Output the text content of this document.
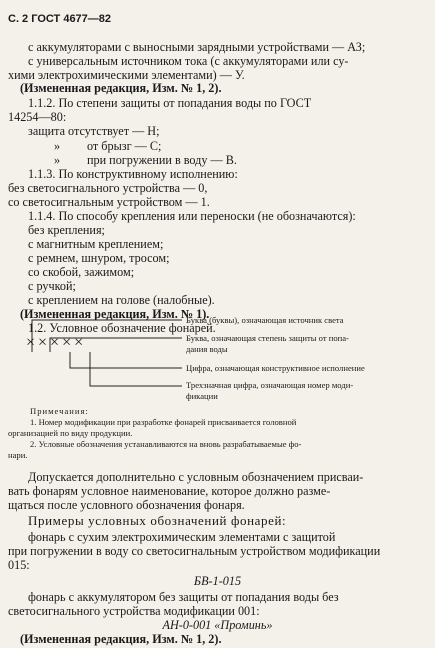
С. 2 ГОСТ 4677—82
с аккумуляторами с выносными зарядными устройствами — АЗ;
с универсальным источником тока (с аккумуляторами или су-
хими электрохимическими элементами) — У.
(Измененная редакция, Изм. № 1, 2).
1.1.2. По степени защиты от попадания воды по ГОСТ
14254—80:
защита отсутствует — Н;
» от брызг — С;
» при погружении в воду — В.
1.1.3. По конструктивному исполнению:
без светосигнального устройства — 0,
со светосигнальным устройством — 1.
1.1.4. По способу крепления или переноски (не обозначаются):
без крепления;
с магнитным креплением;
с ремнем, шнуром, тросом;
со скобой, зажимом;
с ручкой;
с креплением на голове (налобные).
(Измененная редакция, Изм. № 1).
1.2. Условное обозначение фонарей.
×××××
Буква (буквы), означающая источник света
Буква, означающая степень защиты от попа-
дания воды
Цифра, означающая конструктивное исполнение
Трехзначная цифра, означающая номер моди-
фикации
Примечания:
1. Номер модификации при разработке фонарей присваивается головной
организацией по виду продукции.
2. Условные обозначения устанавливаются на вновь разрабатываемые фо-
нари.
Допускается дополнительно с условным обозначением присваи-
вать фонарям условное наименование, которое должно разме-
щаться после условного обозначения фонаря.
Примеры условных обозначений фонарей:
фонарь с сухим электрохимическим элементами с защитой
при погружении в воду со светосигнальным устройством модификации
015:
БВ-1-015
фонарь с аккумулятором без защиты от попадания воды без
светосигнального устройства модификации 001:
АН-0-001 «Проминь»
(Измененная редакция, Изм. № 1, 2).
